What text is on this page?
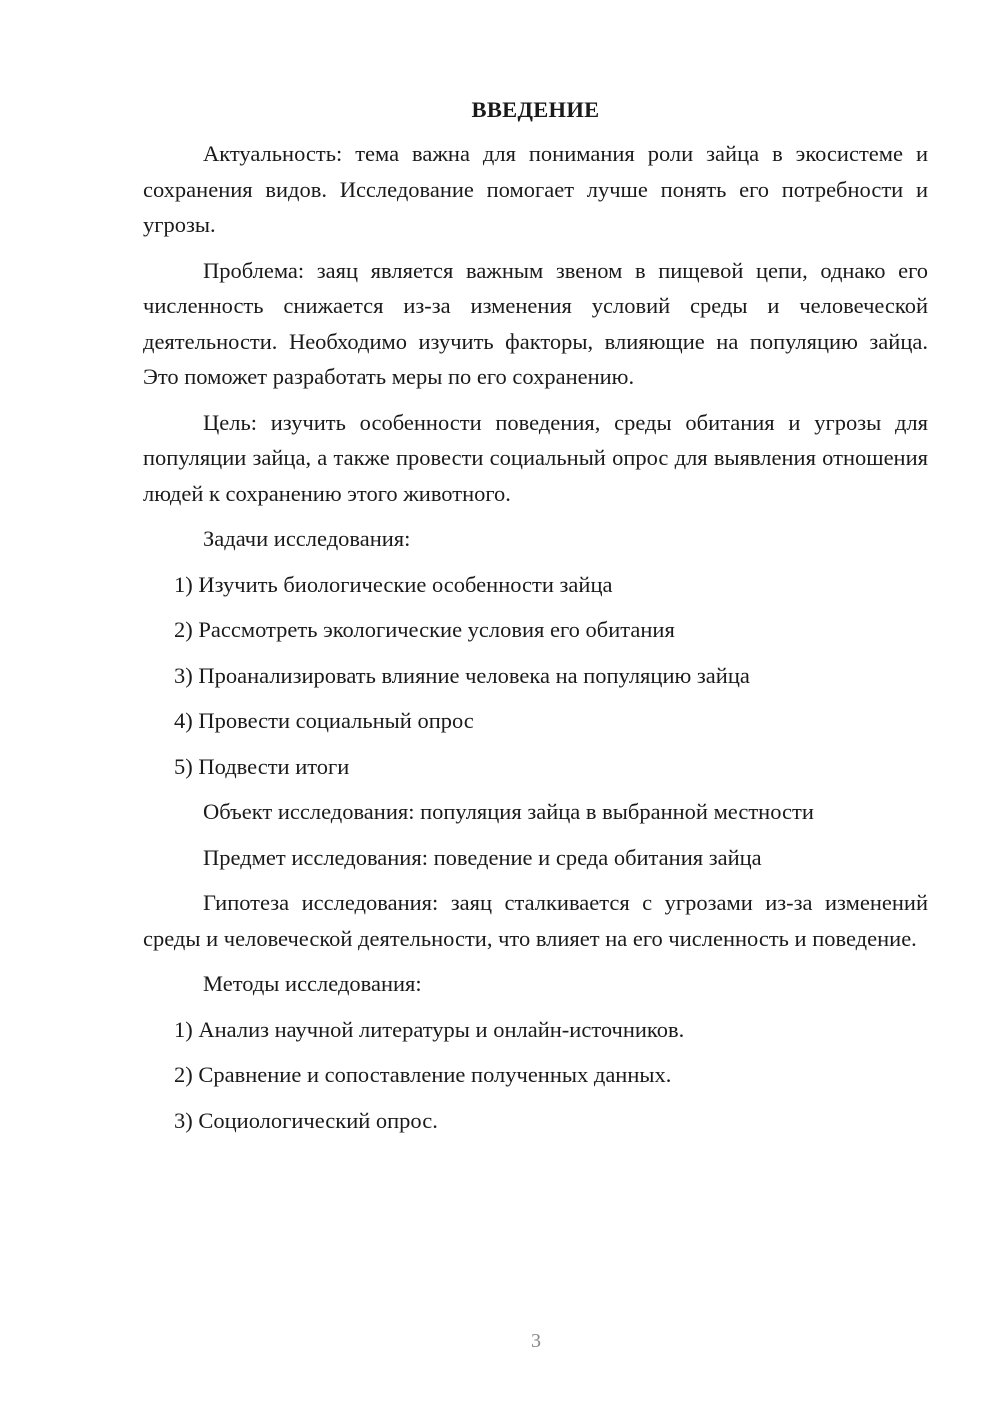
ВВЕДЕНИЕ

Актуальность: тема важна для понимания роли зайца в экосистеме и сохранения видов. Исследование помогает лучше понять его потребности и угрозы.

Проблема: заяц является важным звеном в пищевой цепи, однако его численность снижается из-за изменения условий среды и человеческой деятельности. Необходимо изучить факторы, влияющие на популяцию зайца. Это поможет разработать меры по его сохранению.

Цель: изучить особенности поведения, среды обитания и угрозы для популяции зайца, а также провести социальный опрос для выявления отношения людей к сохранению этого животного.

Задачи исследования:

1) Изучить биологические особенности зайца
2) Рассмотреть экологические условия его обитания
3) Проанализировать влияние человека на популяцию зайца
4) Провести социальный опрос
5) Подвести итоги

Объект исследования: популяция зайца в выбранной местности

Предмет исследования: поведение и среда обитания зайца

Гипотеза исследования: заяц сталкивается с угрозами из-за изменений среды и человеческой деятельности, что влияет на его численность и поведение.

Методы исследования:

1) Анализ научной литературы и онлайн-источников.
2) Сравнение и сопоставление полученных данных.
3) Социологический опрос.
3
